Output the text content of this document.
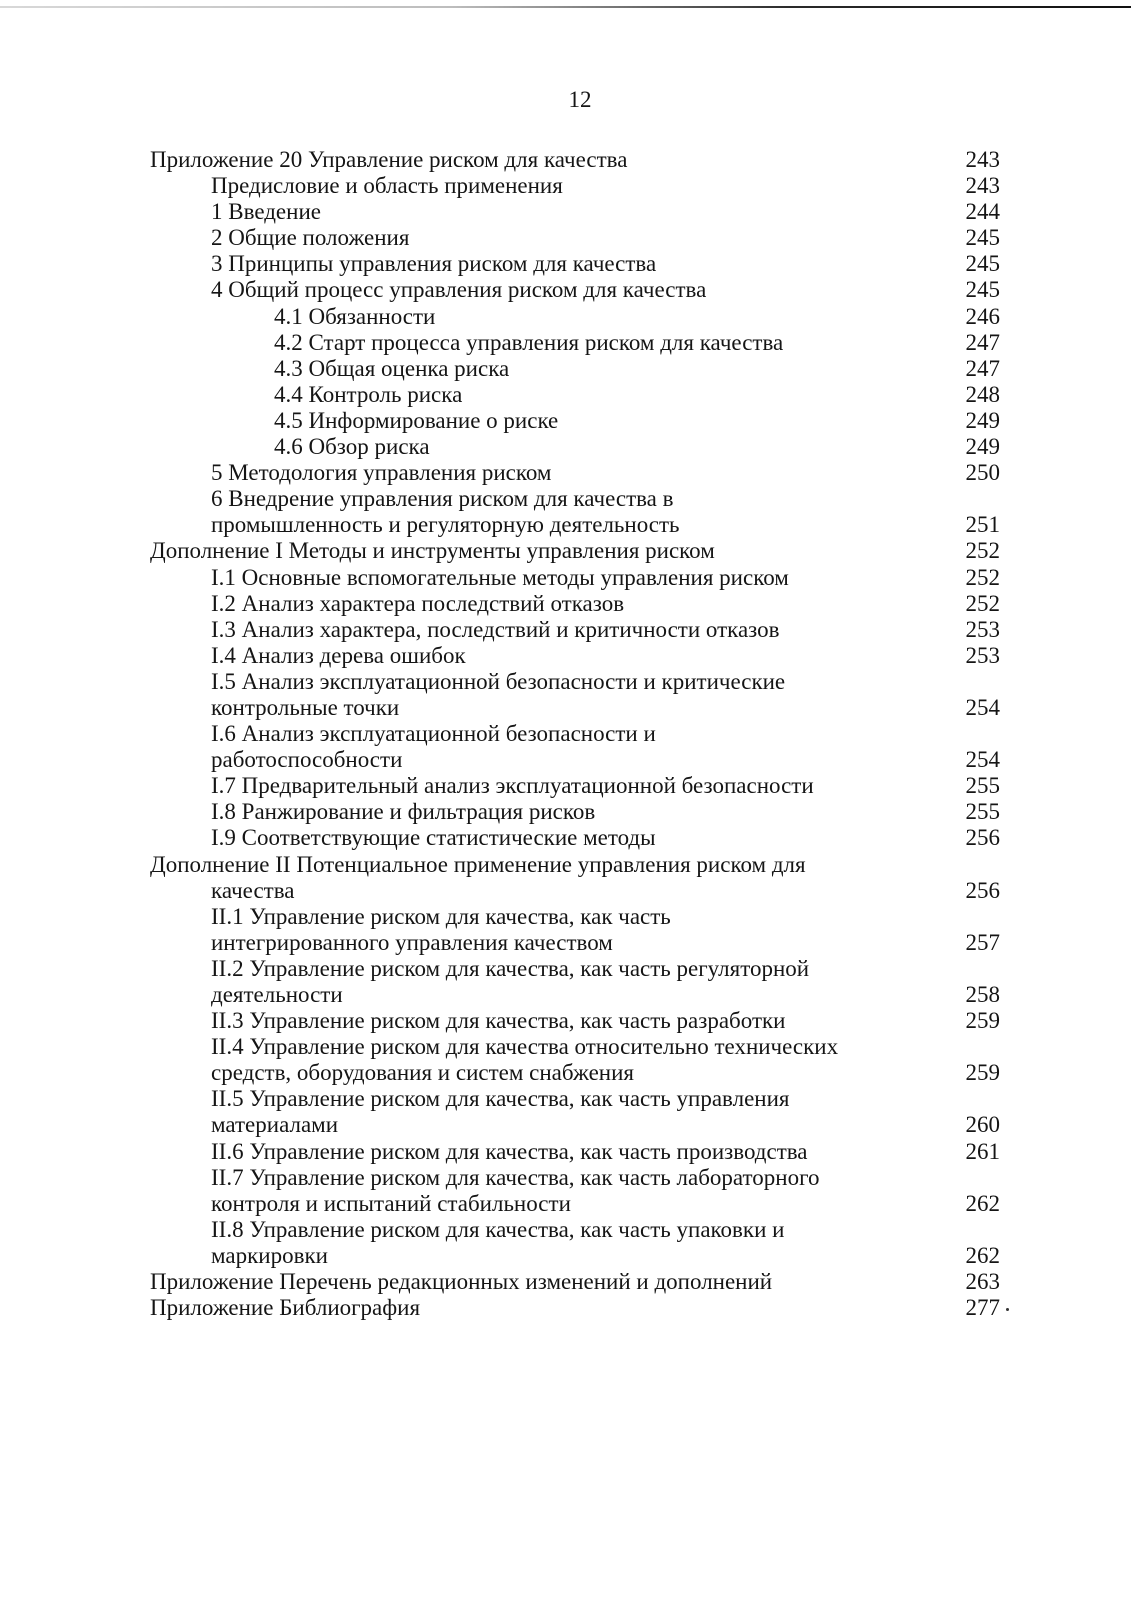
12
Приложение 20 Управление риском для качества	243
Предисловие и область применения	243
1 Введение	244
2 Общие положения	245
3 Принципы управления риском для качества	245
4 Общий процесс управления риском для качества	245
4.1 Обязанности	246
4.2 Старт процесса управления риском для качества	247
4.3 Общая оценка риска	247
4.4 Контроль риска	248
4.5 Информирование о риске	249
4.6 Обзор риска	249
5 Методология управления риском	250
6 Внедрение управления риском для качества в
промышленность и регуляторную деятельность	251
Дополнение I Методы и инструменты управления риском	252
I.1 Основные вспомогательные методы управления риском	252
I.2 Анализ характера последствий отказов	252
I.3 Анализ характера, последствий и критичности отказов	253
I.4 Анализ дерева ошибок	253
I.5 Анализ эксплуатационной безопасности и критические
контрольные точки	254
I.6 Анализ эксплуатационной безопасности и
работоспособности	254
I.7 Предварительный анализ эксплуатационной безопасности	255
I.8 Ранжирование и фильтрация рисков	255
I.9 Соответствующие статистические методы	256
Дополнение II Потенциальное применение управления риском для
качества	256
II.1 Управление риском для качества, как часть
интегрированного управления качеством	257
II.2 Управление риском для качества, как часть регуляторной
деятельности	258
II.3 Управление риском для качества, как часть разработки	259
II.4 Управление риском для качества относительно технических
средств, оборудования и систем снабжения	259
II.5 Управление риском для качества, как часть управления
материалами	260
II.6 Управление риском для качества, как часть производства	261
II.7 Управление риском для качества, как часть лабораторного
контроля и испытаний стабильности	262
II.8 Управление риском для качества, как часть упаковки и
маркировки	262
Приложение Перечень редакционных изменений и дополнений	263
Приложение Библиография	277
